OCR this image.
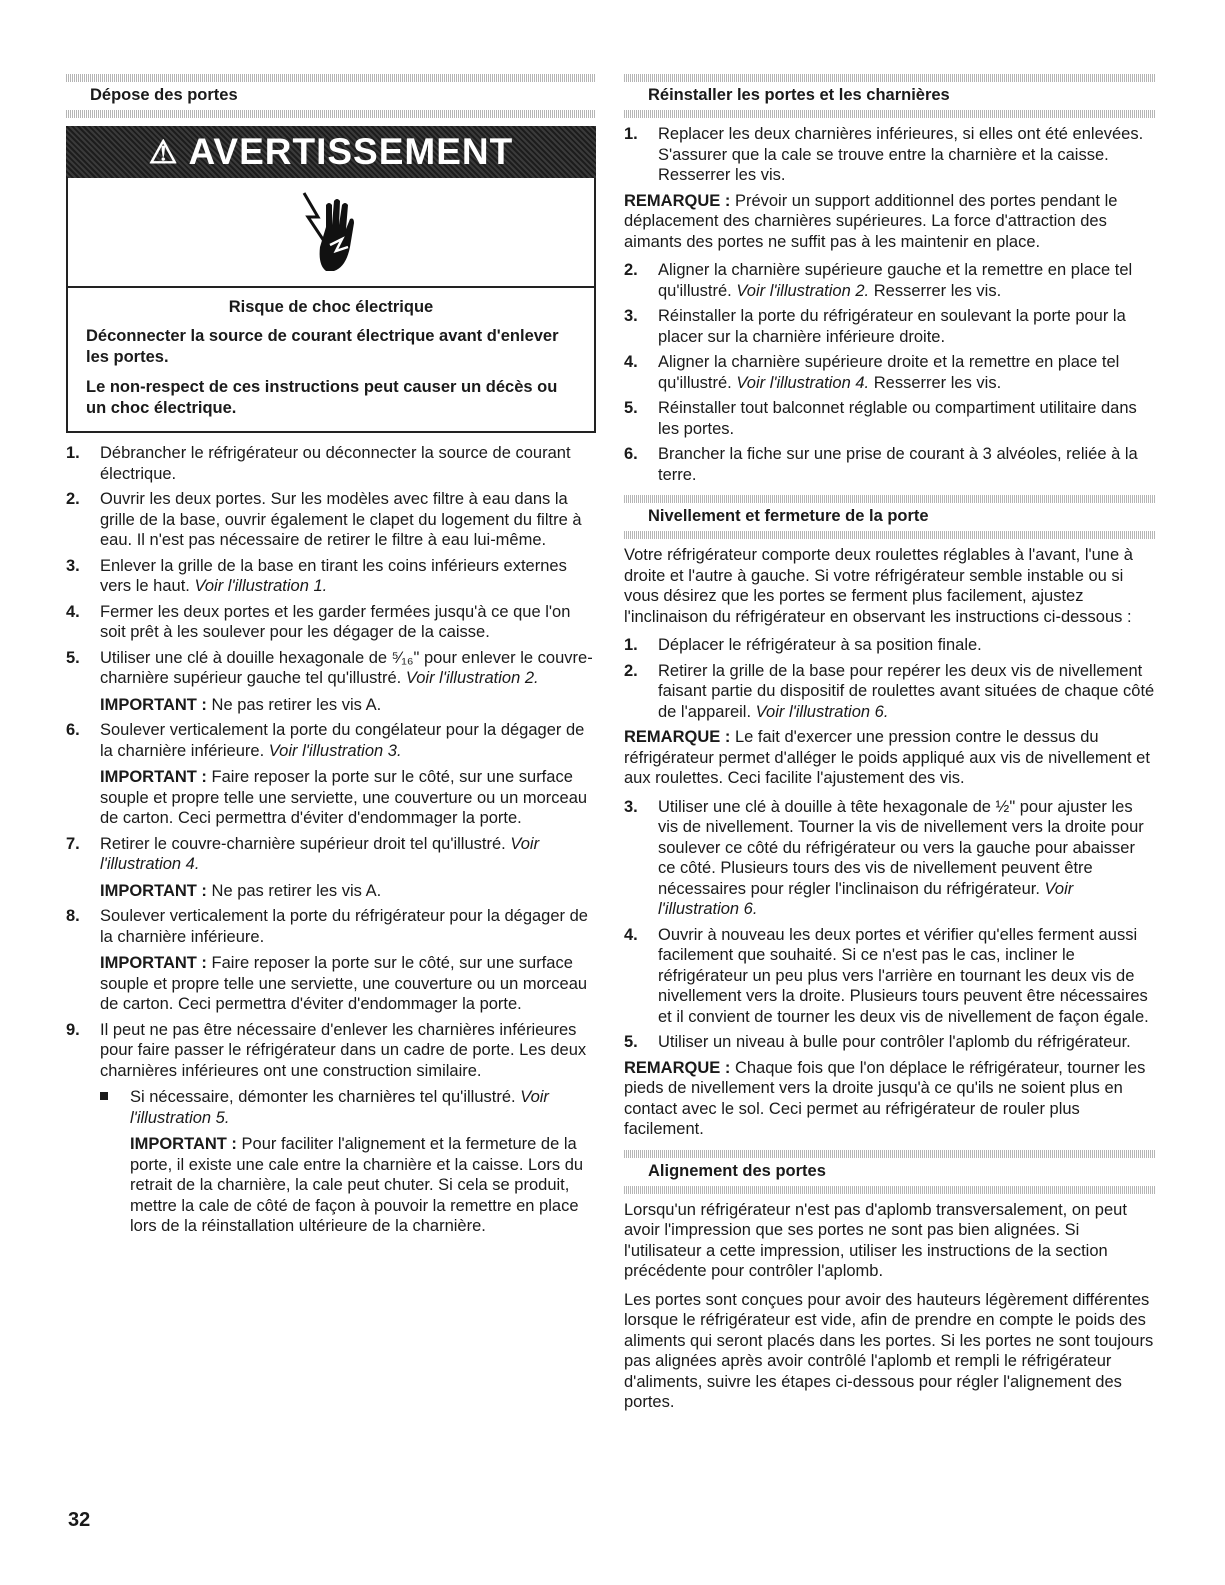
Dépose des portes
⚠ AVERTISSEMENT
Risque de choc électrique

Déconnecter la source de courant électrique avant d'enlever les portes.

Le non-respect de ces instructions peut causer un décès ou un choc électrique.

1. Débrancher le réfrigérateur ou déconnecter la source de courant électrique.
2. Ouvrir les deux portes. Sur les modèles avec filtre à eau dans la grille de la base, ouvrir également le clapet du logement du filtre à eau. Il n'est pas nécessaire de retirer le filtre à eau lui-même.
3. Enlever la grille de la base en tirant les coins inférieurs externes vers le haut. Voir l'illustration 1.
4. Fermer les deux portes et les garder fermées jusqu'à ce que l'on soit prêt à les soulever pour les dégager de la caisse.
5. Utiliser une clé à douille hexagonale de ⁵⁄₁₆" pour enlever le couvre-charnière supérieur gauche tel qu'illustré. Voir l'illustration 2.
IMPORTANT : Ne pas retirer les vis A.
6. Soulever verticalement la porte du congélateur pour la dégager de la charnière inférieure. Voir l'illustration 3.
IMPORTANT : Faire reposer la porte sur le côté, sur une surface souple et propre telle une serviette, une couverture ou un morceau de carton. Ceci permettra d'éviter d'endommager la porte.
7. Retirer le couvre-charnière supérieur droit tel qu'illustré. Voir l'illustration 4.
IMPORTANT : Ne pas retirer les vis A.
8. Soulever verticalement la porte du réfrigérateur pour la dégager de la charnière inférieure.
IMPORTANT : Faire reposer la porte sur le côté, sur une surface souple et propre telle une serviette, une couverture ou un morceau de carton. Ceci permettra d'éviter d'endommager la porte.
9. Il peut ne pas être nécessaire d'enlever les charnières inférieures pour faire passer le réfrigérateur dans un cadre de porte. Les deux charnières inférieures ont une construction similaire.
Si nécessaire, démonter les charnières tel qu'illustré. Voir l'illustration 5.
IMPORTANT : Pour faciliter l'alignement et la fermeture de la porte, il existe une cale entre la charnière et la caisse. Lors du retrait de la charnière, la cale peut chuter. Si cela se produit, mettre la cale de côté de façon à pouvoir la remettre en place lors de la réinstallation ultérieure de la charnière.
Réinstaller les portes et les charnières
1. Replacer les deux charnières inférieures, si elles ont été enlevées. S'assurer que la cale se trouve entre la charnière et la caisse. Resserrer les vis.

REMARQUE : Prévoir un support additionnel des portes pendant le déplacement des charnières supérieures. La force d'attraction des aimants des portes ne suffit pas à les maintenir en place.

2. Aligner la charnière supérieure gauche et la remettre en place tel qu'illustré. Voir l'illustration 2. Resserrer les vis.
3. Réinstaller la porte du réfrigérateur en soulevant la porte pour la placer sur la charnière inférieure droite.
4. Aligner la charnière supérieure droite et la remettre en place tel qu'illustré. Voir l'illustration 4. Resserrer les vis.
5. Réinstaller tout balconnet réglable ou compartiment utilitaire dans les portes.
6. Brancher la fiche sur une prise de courant à 3 alvéoles, reliée à la terre.
Nivellement et fermeture de la porte

Votre réfrigérateur comporte deux roulettes réglables à l'avant, l'une à droite et l'autre à gauche. Si votre réfrigérateur semble instable ou si vous désirez que les portes se ferment plus facilement, ajustez l'inclinaison du réfrigérateur en observant les instructions ci-dessous :

1. Déplacer le réfrigérateur à sa position finale.
2. Retirer la grille de la base pour repérer les deux vis de nivellement faisant partie du dispositif de roulettes avant situées de chaque côté de l'appareil. Voir l'illustration 6.

REMARQUE : Le fait d'exercer une pression contre le dessus du réfrigérateur permet d'alléger le poids appliqué aux vis de nivellement et aux roulettes. Ceci facilite l'ajustement des vis.

3. Utiliser une clé à douille à tête hexagonale de ½" pour ajuster les vis de nivellement. Tourner la vis de nivellement vers la droite pour soulever ce côté du réfrigérateur ou vers la gauche pour abaisser ce côté. Plusieurs tours des vis de nivellement peuvent être nécessaires pour régler l'inclinaison du réfrigérateur. Voir l'illustration 6.
4. Ouvrir à nouveau les deux portes et vérifier qu'elles ferment aussi facilement que souhaité. Si ce n'est pas le cas, incliner le réfrigérateur un peu plus vers l'arrière en tournant les deux vis de nivellement vers la droite. Plusieurs tours peuvent être nécessaires et il convient de tourner les deux vis de nivellement de façon égale.
5. Utiliser un niveau à bulle pour contrôler l'aplomb du réfrigérateur.

REMARQUE : Chaque fois que l'on déplace le réfrigérateur, tourner les pieds de nivellement vers la droite jusqu'à ce qu'ils ne soient plus en contact avec le sol. Ceci permet au réfrigérateur de rouler plus facilement.

Alignement des portes

Lorsqu'un réfrigérateur n'est pas d'aplomb transversalement, on peut avoir l'impression que ses portes ne sont pas bien alignées. Si l'utilisateur a cette impression, utiliser les instructions de la section précédente pour contrôler l'aplomb.

Les portes sont conçues pour avoir des hauteurs légèrement différentes lorsque le réfrigérateur est vide, afin de prendre en compte le poids des aliments qui seront placés dans les portes. Si les portes ne sont toujours pas alignées après avoir contrôlé l'aplomb et rempli le réfrigérateur d'aliments, suivre les étapes ci-dessous pour régler l'alignement des portes.

32
